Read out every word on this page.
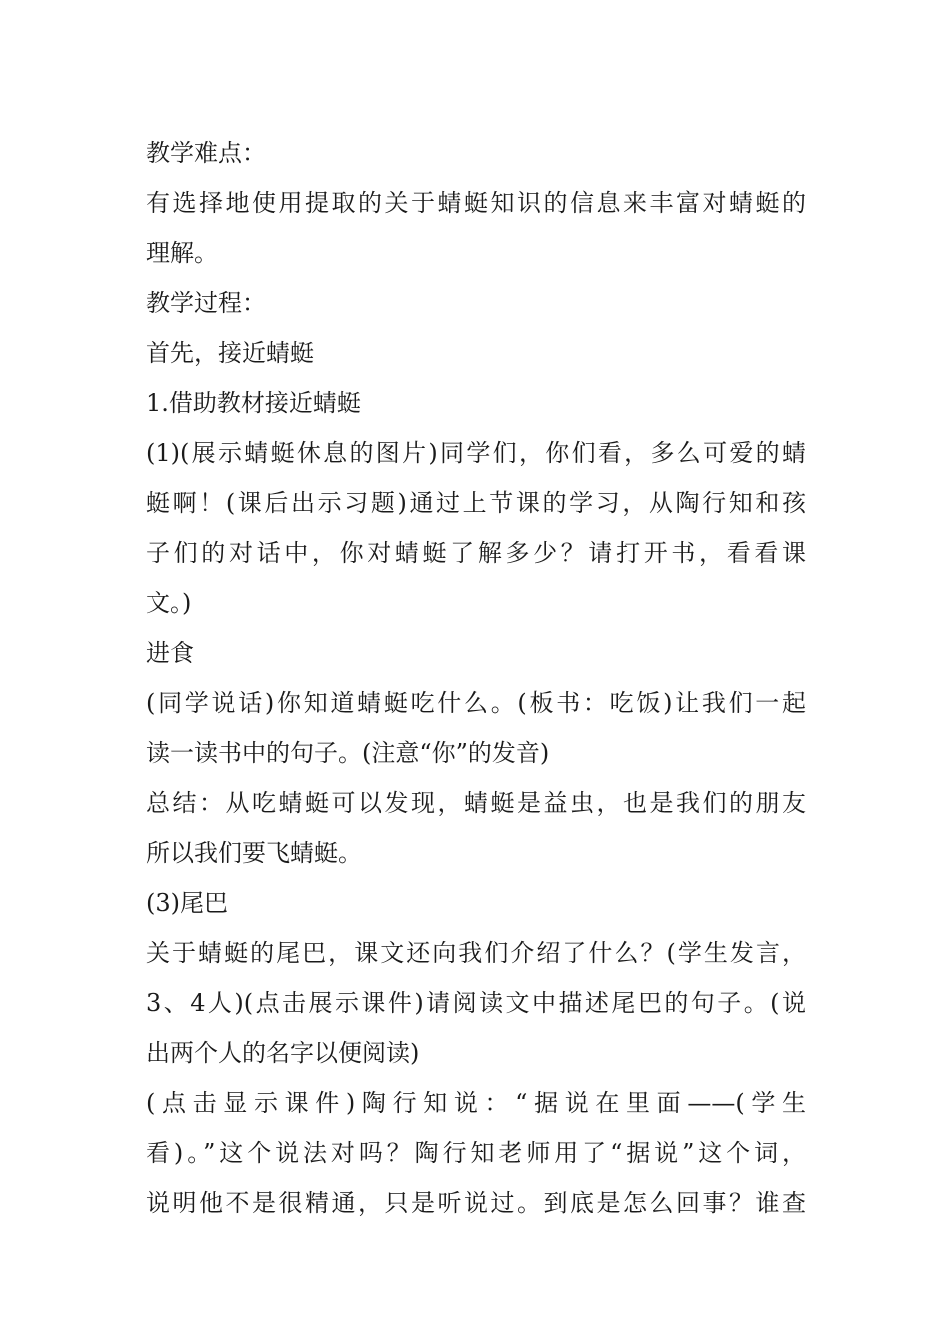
教学难点：
有选择地使用提取的关于蜻蜓知识的信息来丰富对蜻蜓的
理解。
教学过程：
首先，接近蜻蜓
1.借助教材接近蜻蜓
(1)(展示蜻蜓休息的图片)同学们，你们看，多么可爱的蜻
蜓啊！(课后出示习题)通过上节课的学习，从陶行知和孩
子们的对话中，你对蜻蜓了解多少？请打开书，看看课
文。)
进食
(同学说话)你知道蜻蜓吃什么。(板书：吃饭)让我们一起
读一读书中的句子。(注意“你”的发音)
总结：从吃蜻蜓可以发现，蜻蜓是益虫，也是我们的朋友
所以我们要飞蜻蜓。
(3)尾巴
关于蜻蜓的尾巴，课文还向我们介绍了什么？(学生发言，
3、4人)(点击展示课件)请阅读文中描述尾巴的句子。(说
出两个人的名字以便阅读)
(点击显示课件)陶行知说：“据说在里面——(学生
看)。”这个说法对吗？陶行知老师用了“据说”这个词，
说明他不是很精通，只是听说过。到底是怎么回事？谁查
